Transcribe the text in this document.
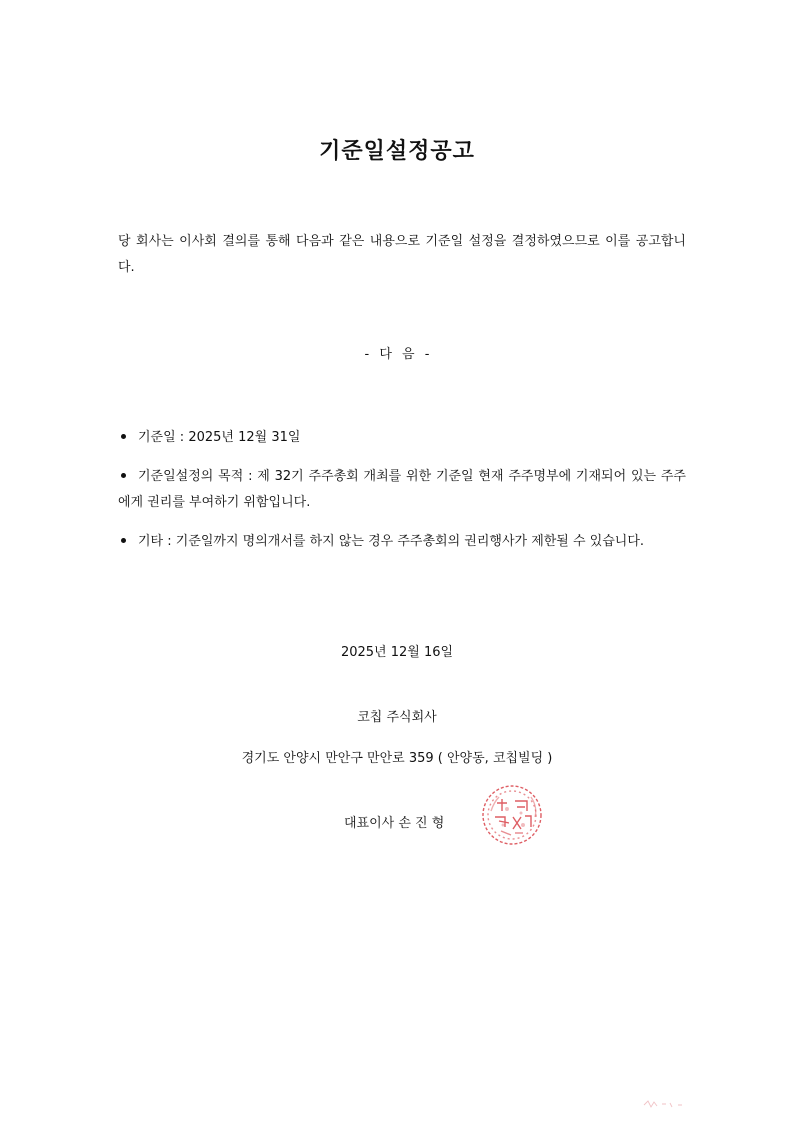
기준일설정공고
당 회사는 이사회 결의를 통해 다음과 같은 내용으로 기준일 설정을 결정하였으므로 이를 공고합니다.
- 다 음 -
기준일 : 2025년 12월 31일
기준일설정의 목적 : 제 32기 주주총회 개최를 위한 기준일 현재 주주명부에 기재되어 있는 주주에게 권리를 부여하기 위함입니다.
기타 : 기준일까지 명의개서를 하지 않는 경우 주주총회의 권리행사가 제한될 수 있습니다.
2025년 12월 16일
코칩 주식회사
경기도 안양시 만안구 만안로 359 ( 안양동, 코칩빌딩 )
대표이사 손 진 형
